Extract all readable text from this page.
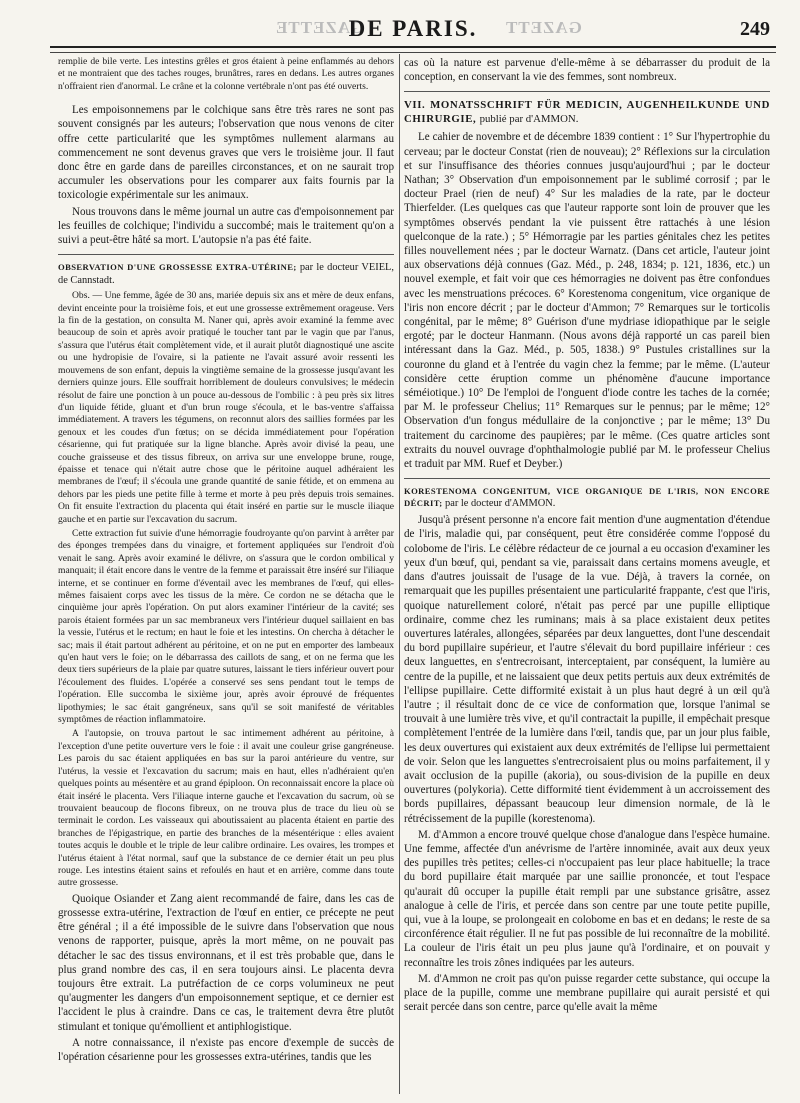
GAZETTE
DE PARIS.	GAZETT	249

remplie de bile verte. Les intestins grêles et gros étaient à peine enflammés au dehors et ne montraient que des taches rouges, brunâtres, rares en dedans. Les autres organes n'offraient rien d'anormal. Le crâne et la colonne vertébrale n'ont pas été ouverts.

Les empoisonnemens par le colchique sans être très rares ne sont pas souvent consignés par les auteurs; l'observation que nous venons de citer offre cette particularité que les symptômes nullement alarmans au commencement ne sont devenus graves que vers le troisième jour. Il faut donc être en garde dans de pareilles circonstances, et on ne saurait trop accumuler les observations pour les comparer aux faits fournis par la toxicologie expérimentale sur les animaux.

Nous trouvons dans le même journal un autre cas d'empoisonnement par les feuilles de colchique; l'individu a succombé; mais le traitement qu'on a suivi a peut-être hâté sa mort. L'autopsie n'a pas été faite.

OBSERVATION D'UNE GROSSESSE EXTRA-UTÉRINE; par le docteur VEIEL, de Cannstadt.

Obs. — Une femme, âgée de 30 ans, mariée depuis six ans et mère de deux enfans, devint enceinte pour la troisième fois, et eut une grossesse extrêmement orageuse. Vers la fin de la gestation, on consulta M. Naner qui, après avoir examiné la femme avec beaucoup de soin et après avoir pratiqué le toucher tant par le vagin que par l'anus, s'assura que l'utérus était complètement vide, et il aurait plutôt diagnostiqué une ascite ou une hydropisie de l'ovaire, si la patiente ne l'avait assuré avoir ressenti les mouvemens de son enfant, depuis la vingtième semaine de la grossesse jusqu'avant les derniers quinze jours. Elle souffrait horriblement de douleurs convulsives; le médecin résolut de faire une ponction à un pouce au-dessous de l'ombilic : à peu près six litres d'un liquide fétide, gluant et d'un brun rouge s'écoula, et le bas-ventre s'affaissa immédiatement. A travers les tégumens, on reconnut alors des saillies formées par les genoux et les coudes d'un fœtus; on se décida immédiatement pour l'opération césarienne, qui fut pratiquée sur la ligne blanche. Après avoir divisé la peau, une couche graisseuse et des tissus fibreux, on arriva sur une enveloppe brune, rouge, épaisse et tenace qui n'était autre chose que le péritoine auquel adhéraient les membranes de l'œuf; il s'écoula une grande quantité de sanie fétide, et on emmena au dehors par les pieds une petite fille à terme et morte à peu près depuis trois semaines. On fit ensuite l'extraction du placenta qui était inséré en partie sur le muscle iliaque gauche et en partie sur l'excavation du sacrum.

Cette extraction fut suivie d'une hémorragie foudroyante qu'on parvint à arrêter par des éponges trempées dans du vinaigre, et fortement appliquées sur l'endroit d'où venait le sang. Après avoir examiné le délivre, on s'assura que le cordon ombilical y manquait; il était encore dans le ventre de la femme et paraissait être inséré sur l'iliaque interne, et se continuer en forme d'éventail avec les membranes de l'œuf, qui elles-mêmes faisaient corps avec les tissus de la mère. Ce cordon ne se détacha que le cinquième jour après l'opération. On put alors examiner l'intérieur de la cavité; ses parois étaient formées par un sac membraneux vers l'intérieur duquel saillaient en bas la vessie, l'utérus et le rectum; en haut le foie et les intestins. On chercha à détacher le sac; mais il était partout adhérent au péritoine, et on ne put en emporter des lambeaux qu'en haut vers le foie; on le débarrassa des caillots de sang, et on ne ferma que les deux tiers supérieurs de la plaie par quatre sutures, laissant le tiers inférieur ouvert pour l'écoulement des fluides. L'opérée a conservé ses sens pendant tout le temps de l'opération. Elle succomba le sixième jour, après avoir éprouvé de fréquentes lipothymies; le sac était gangréneux, sans qu'il se soit manifesté de véritables symptômes de réaction inflammatoire.

A l'autopsie, on trouva partout le sac intimement adhérent au péritoine, à l'exception d'une petite ouverture vers le foie : il avait une couleur grise gangréneuse. Les parois du sac étaient appliquées en bas sur la paroi antérieure du ventre, sur l'utérus, la vessie et l'excavation du sacrum; mais en haut, elles n'adhéraient qu'en quelques points au mésentère et au grand épiploon. On reconnaissait encore la place où était inséré le placenta. Vers l'iliaque interne gauche et l'excavation du sacrum, où se trouvaient beaucoup de flocons fibreux, on ne trouva plus de trace du lieu où se terminait le cordon. Les vaisseaux qui aboutissaient au placenta étaient en partie des branches de l'épigastrique, en partie des branches de la mésentérique : elles avaient toutes acquis le double et le triple de leur calibre ordinaire. Les ovaires, les trompes et l'utérus étaient à l'état normal, sauf que la substance de ce dernier était un peu plus rouge. Les intestins étaient sains et refoulés en haut et en arrière, comme dans toute autre grossesse.

Quoique Osiander et Zang aient recommandé de faire, dans les cas de grossesse extra-utérine, l'extraction de l'œuf en entier, ce précepte ne peut être général ; il a été impossible de le suivre dans l'observation que nous venons de rapporter, puisque, après la mort même, on ne pouvait pas détacher le sac des tissus environnans, et il est très probable que, dans le plus grand nombre des cas, il en sera toujours ainsi. Le placenta devra toujours être extrait. La putréfaction de ce corps volumineux ne peut qu'augmenter les dangers d'un empoisonnement septique, et ce dernier est l'accident le plus à craindre. Dans ce cas, le traitement devra être plutôt stimulant et tonique qu'émollient et antiphlogistique.

A notre connaissance, il n'existe pas encore d'exemple de succès de l'opération césarienne pour les grossesses extra-utérines, tandis que les

cas où la nature est parvenue d'elle-même à se débarrasser du produit de la conception, en conservant la vie des femmes, sont nombreux.

VII. MONATSSCHRIFT FÜR MEDICIN, AUGENHEILKUNDE UND CHIRURGIE, publié par d'AMMON.

Le cahier de novembre et de décembre 1839 contient : 1° Sur l'hypertrophie du cerveau; par le docteur Constat (rien de nouveau); 2° Réflexions sur la circulation et sur l'insuffisance des théories connues jusqu'aujourd'hui ; par le docteur Nathan; 3° Observation d'un empoisonnement par le sublimé corrosif ; par le docteur Prael (rien de neuf) 4° Sur les maladies de la rate, par le docteur Thierfelder. (Les quelques cas que l'auteur rapporte sont loin de prouver que les symptômes observés pendant la vie puissent être rattachés à une lésion quelconque de la rate.) ; 5° Hémorragie par les parties génitales chez les petites filles nouvellement nées ; par le docteur Warnatz. (Dans cet article, l'auteur joint aux observations déjà connues (Gaz. Méd., p. 248, 1834; p. 121, 1836, etc.) un nouvel exemple, et fait voir que ces hémorragies ne doivent pas être confondues avec les menstruations précoces. 6° Korestenoma congenitum, vice organique de l'iris non encore décrit ; par le docteur d'Ammon; 7° Remarques sur le torticolis congénital, par le même; 8° Guérison d'une mydriase idiopathique par le seigle ergoté; par le docteur Hanmann. (Nous avons déjà rapporté un cas pareil bien intéressant dans la Gaz. Méd., p. 505, 1838.) 9° Pustules cristallines sur la couronne du gland et à l'entrée du vagin chez la femme; par le même. (L'auteur considère cette éruption comme un phénomène d'aucune importance séméiotique.) 10° De l'emploi de l'onguent d'iode contre les taches de la cornée; par M. le professeur Chelius; 11° Remarques sur le pennus; par le même; 12° Observation d'un fongus médullaire de la conjonctive ; par le même; 13° Du traitement du carcinome des paupières; par le même. (Ces quatre articles sont extraits du nouvel ouvrage d'ophthalmologie publié par M. le professeur Chelius et traduit par MM. Ruef et Deyber.)

KORESTENOMA CONGENITUM, VICE ORGANIQUE DE L'IRIS, NON ENCORE DÉCRIT; par le docteur d'AMMON.

Jusqu'à présent personne n'a encore fait mention d'une augmentation d'étendue de l'iris, maladie qui, par conséquent, peut être considérée comme l'opposé du colobome de l'iris. Le célèbre rédacteur de ce journal a eu occasion d'examiner les yeux d'un bœuf, qui, pendant sa vie, paraissait dans certains momens aveugle, et dans d'autres jouissait de l'usage de la vue. Déjà, à travers la cornée, on remarquait que les pupilles présentaient une particularité frappante, c'est que l'iris, quoique naturellement coloré, n'était pas percé par une pupille elliptique ordinaire, comme chez les ruminans; mais à sa place existaient deux petites ouvertures latérales, allongées, séparées par deux languettes, dont l'une descendait du bord pupillaire supérieur, et l'autre s'élevait du bord pupillaire inférieur : ces deux languettes, en s'entrecroisant, interceptaient, par conséquent, la lumière au centre de la pupille, et ne laissaient que deux petits pertuis aux deux extrémités de l'ellipse pupillaire. Cette difformité existait à un plus haut degré à un œil qu'à l'autre ; il résultait donc de ce vice de conformation que, lorsque l'animal se trouvait à une lumière très vive, et qu'il contractait la pupille, il empêchait presque complètement l'entrée de la lumière dans l'œil, tandis que, par un jour plus faible, les deux ouvertures qui existaient aux deux extrémités de l'ellipse lui permettaient de voir. Selon que les languettes s'entrecroisaient plus ou moins parfaitement, il y avait occlusion de la pupille (akoria), ou sous-division de la pupille en deux ouvertures (polykoria). Cette difformité tient évidemment à un accroissement des bords pupillaires, dépassant beaucoup leur dimension normale, de là le rétrécissement de la pupille (korestenoma).

M. d'Ammon a encore trouvé quelque chose d'analogue dans l'espèce humaine. Une femme, affectée d'un anévrisme de l'artère innominée, avait aux deux yeux des pupilles très petites; celles-ci n'occupaient pas leur place habituelle; la trace du bord pupillaire était marquée par une saillie prononcée, et tout l'espace qu'aurait dû occuper la pupille était rempli par une substance grisâtre, assez analogue à celle de l'iris, et percée dans son centre par une toute petite pupille, qui, vue à la loupe, se prolongeait en colobome en bas et en dedans; le reste de sa circonférence était régulier. Il ne fut pas possible de lui reconnaître de la mobilité. La couleur de l'iris était un peu plus jaune qu'à l'ordinaire, et on pouvait y reconnaître les trois zônes indiquées par les auteurs.

M. d'Ammon ne croit pas qu'on puisse regarder cette substance, qui occupe la place de la pupille, comme une membrane pupillaire qui aurait persisté et qui serait percée dans son centre, parce qu'elle avait la même
